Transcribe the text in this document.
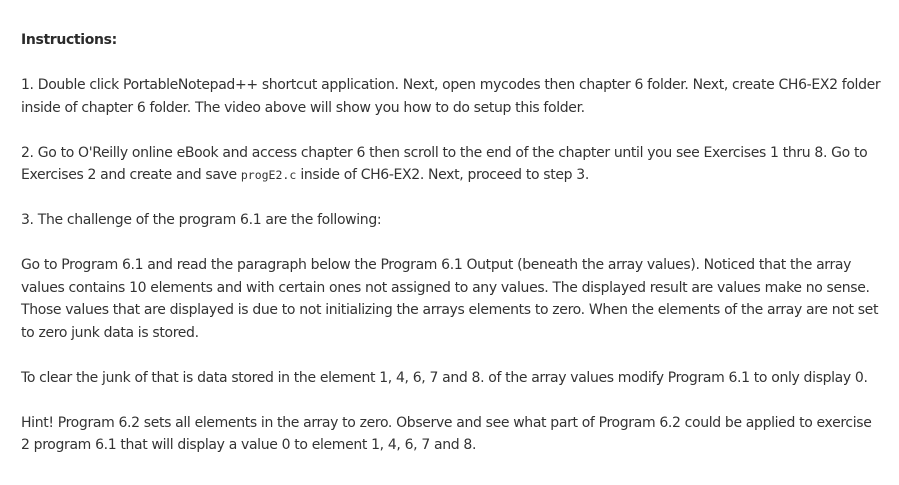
Instructions:

1. Double click PortableNotepad++ shortcut application. Next, open mycodes then chapter 6 folder. Next, create CH6-EX2 folder inside of chapter 6 folder. The video above will show you how to do setup this folder.

2. Go to O'Reilly online eBook and access chapter 6 then scroll to the end of the chapter until you see Exercises 1 thru 8. Go to Exercises 2 and create and save progE2.c inside of CH6-EX2. Next, proceed to step 3.

3. The challenge of the program 6.1 are the following:

Go to Program 6.1 and read the paragraph below the Program 6.1 Output (beneath the array values). Noticed that the array values contains 10 elements and with certain ones not assigned to any values. The displayed result are values make no sense. Those values that are displayed is due to not initializing the arrays elements to zero. When the elements of the array are not set to zero junk data is stored.

To clear the junk of that is data stored in the element 1, 4, 6, 7 and 8. of the array values modify Program 6.1 to only display 0.

Hint! Program 6.2 sets all elements in the array to zero. Observe and see what part of Program 6.2 could be applied to exercise 2 program 6.1 that will display a value 0 to element 1, 4, 6, 7 and 8.
